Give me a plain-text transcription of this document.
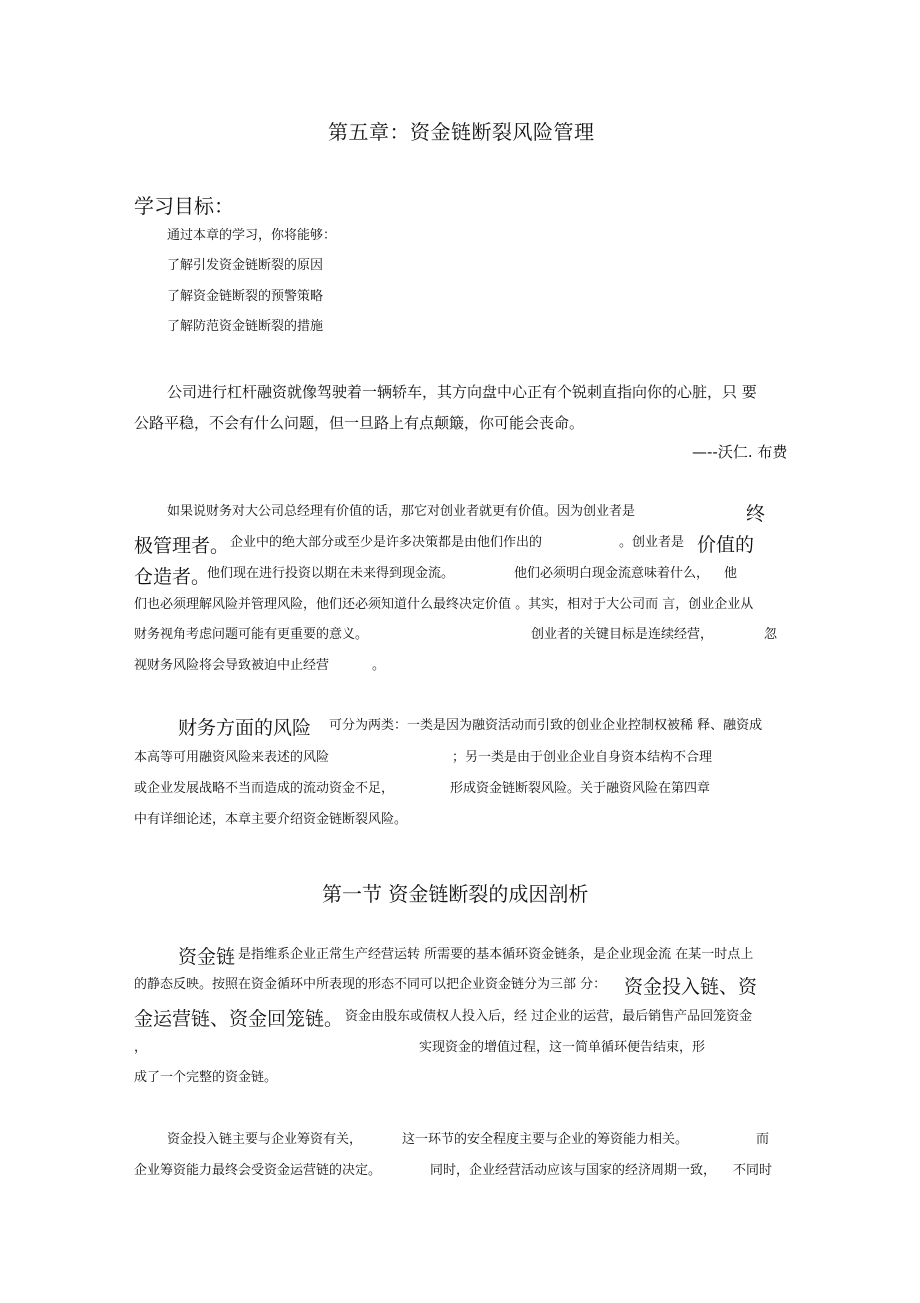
第五章：资金链断裂风险管理
学习目标：
通过本章的学习，你将能够：
了解引发资金链断裂的原因
了解资金链断裂的预警策略
了解防范资金链断裂的措施
公司进行杠杆融资就像驾驶着一辆轿车，其方向盘中心正有个锐刺直指向你的心脏，只 要
公路平稳，不会有什么问题，但一旦路上有点颠簸，你可能会丧命。
—--沃仁. 布费
如果说财务对大公司总经理有价值的话，那它对创业者就更有价值。因为创业者是	终
极管理者。 企业中的绝大部分或至少是许多决策都是由他们作出的	。创业者是 价值的
仓造者。
他们现在进行投资以期在未来得到现金流。	他们必须明白现金流意味着什么， 他
们也必须理解风险并管理风险，他们还必须知道什么最终决定价值 。其实，相对于大公司而 言，创业企业从
财务视角考虑问题可能有更重要的意义。	创业者的关键目标是连续经营，	忽
视财务风险将会导致被迫中止经营	。
财务方面的风险 可分为两类：一类是因为融资活动而引致的创业企业控制权被稀 释、融资成
本高等可用融资风险来表述的风险	；另一类是由于创业企业自身资本结构不合理
或企业发展战略不当而造成的流动资金不足，	形成资金链断裂风险。关于融资风险在第四章
中有详细论述，本章主要介绍资金链断裂风险。
第一节 资金链断裂的成因剖析
资金链 是指维系企业正常生产经营运转 所需要的基本循环资金链条，是企业现金流 在某一时点上
的静态反映。按照在资金循环中所表现的形态不同可以把企业资金链分为三部 分： 资金投入链、资
金运营链、资金回笼链。 资金由股东或债权人投入后，经 过企业的运营，最后销售产品回笼资金
，	实现资金的增值过程，这一简单循环便告结束，形
成了一个完整的资金链。
资金投入链主要与企业筹资有关，	这一环节的安全程度主要与企业的筹资能力相关。	而
企业筹资能力最终会受资金运营链的决定。	同时，企业经营活动应该与国家的经济周期一致， 不同时
